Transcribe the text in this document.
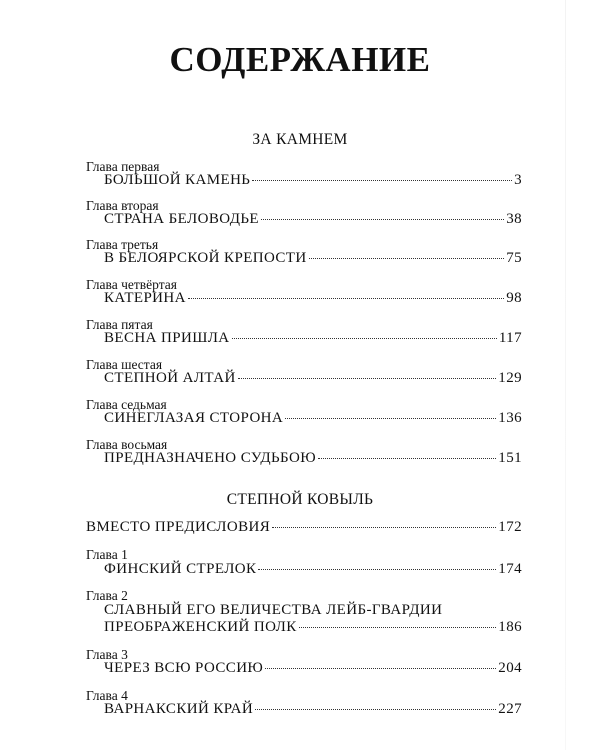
СОДЕРЖАНИЕ
ЗА КАМНЕМ
Глава первая
БОЛЬШОЙ КАМЕНЬ	3
Глава вторая
СТРАНА БЕЛОВОДЬЕ	38
Глава третья
В БЕЛОЯРСКОЙ КРЕПОСТИ	75
Глава четвёртая
КАТЕРИНА	98
Глава пятая
ВЕСНА ПРИШЛА	117
Глава шестая
СТЕПНОЙ АЛТАЙ	129
Глава седьмая
СИНЕГЛАЗАЯ СТОРОНА	136
Глава восьмая
ПРЕДНАЗНАЧЕНО СУДЬБОЮ	151
СТЕПНОЙ КОВЫЛЬ
ВМЕСТО ПРЕДИСЛОВИЯ	172
Глава 1
ФИНСКИЙ СТРЕЛОК	174
Глава 2
СЛАВНЫЙ ЕГО ВЕЛИЧЕСТВА ЛЕЙБ-ГВАРДИИ
ПРЕОБРАЖЕНСКИЙ ПОЛК	186
Глава 3
ЧЕРЕЗ ВСЮ РОССИЮ	204
Глава 4
ВАРНАКСКИЙ КРАЙ	227
